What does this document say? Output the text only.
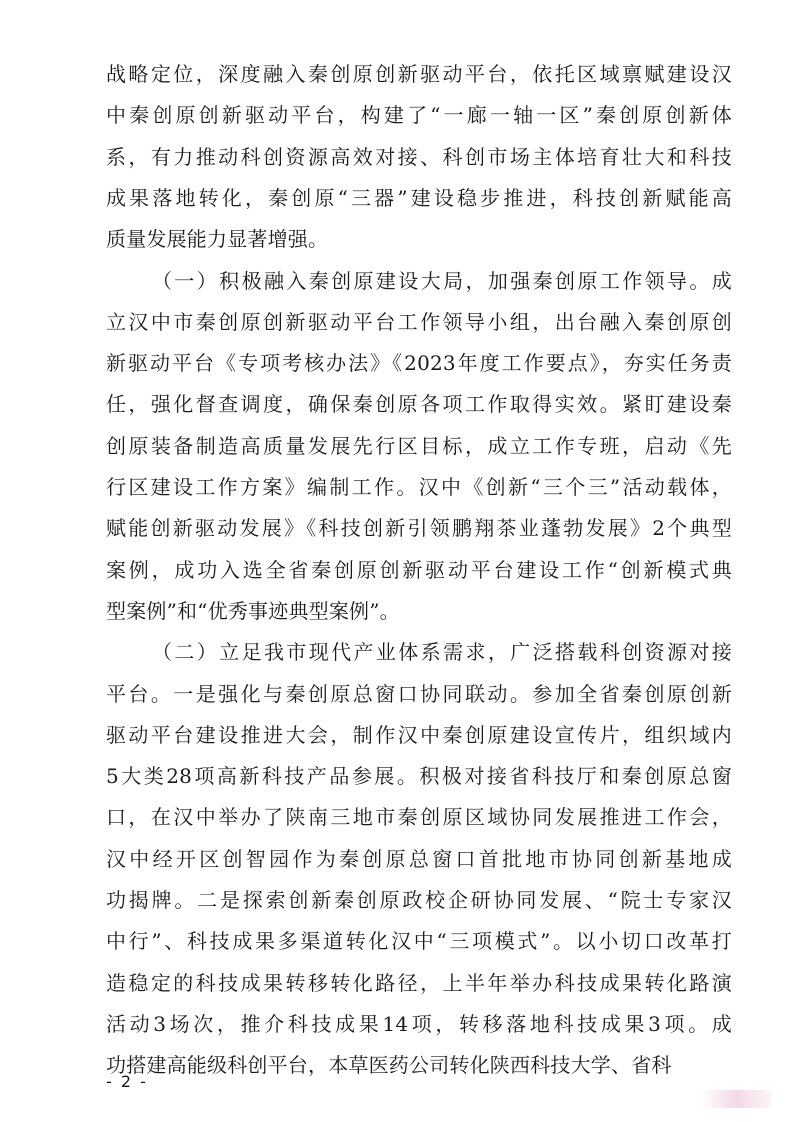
战略定位，深度融入秦创原创新驱动平台，依托区域禀赋建设汉
中秦创原创新驱动平台，构建了“一廊一轴一区”秦创原创新体
系，有力推动科创资源高效对接、科创市场主体培育壮大和科技
成果落地转化，秦创原“三器”建设稳步推进，科技创新赋能高
质量发展能力显著增强。
（一）积极融入秦创原建设大局，加强秦创原工作领导。成
立汉中市秦创原创新驱动平台工作领导小组，出台融入秦创原创
新驱动平台《专项考核办法》《2023年度工作要点》，夯实任务责
任，强化督查调度，确保秦创原各项工作取得实效。紧盯建设秦
创原装备制造高质量发展先行区目标，成立工作专班，启动《先
行区建设工作方案》编制工作。汉中《创新“三个三”活动载体，
赋能创新驱动发展》《科技创新引领鹏翔茶业蓬勃发展》2个典型
案例，成功入选全省秦创原创新驱动平台建设工作“创新模式典
型案例”和“优秀事迹典型案例”。
（二）立足我市现代产业体系需求，广泛搭载科创资源对接
平台。一是强化与秦创原总窗口协同联动。参加全省秦创原创新
驱动平台建设推进大会，制作汉中秦创原建设宣传片，组织域内
5大类28项高新科技产品参展。积极对接省科技厅和秦创原总窗
口，在汉中举办了陕南三地市秦创原区域协同发展推进工作会，
汉中经开区创智园作为秦创原总窗口首批地市协同创新基地成
功揭牌。二是探索创新秦创原政校企研协同发展、“院士专家汉
中行”、科技成果多渠道转化汉中“三项模式”。以小切口改革打
造稳定的科技成果转移转化路径，上半年举办科技成果转化路演
- 2 -
活动3场次，推介科技成果14项，转移落地科技成果3项。成
功搭建高能级科创平台，本草医药公司转化陕西科技大学、省科
